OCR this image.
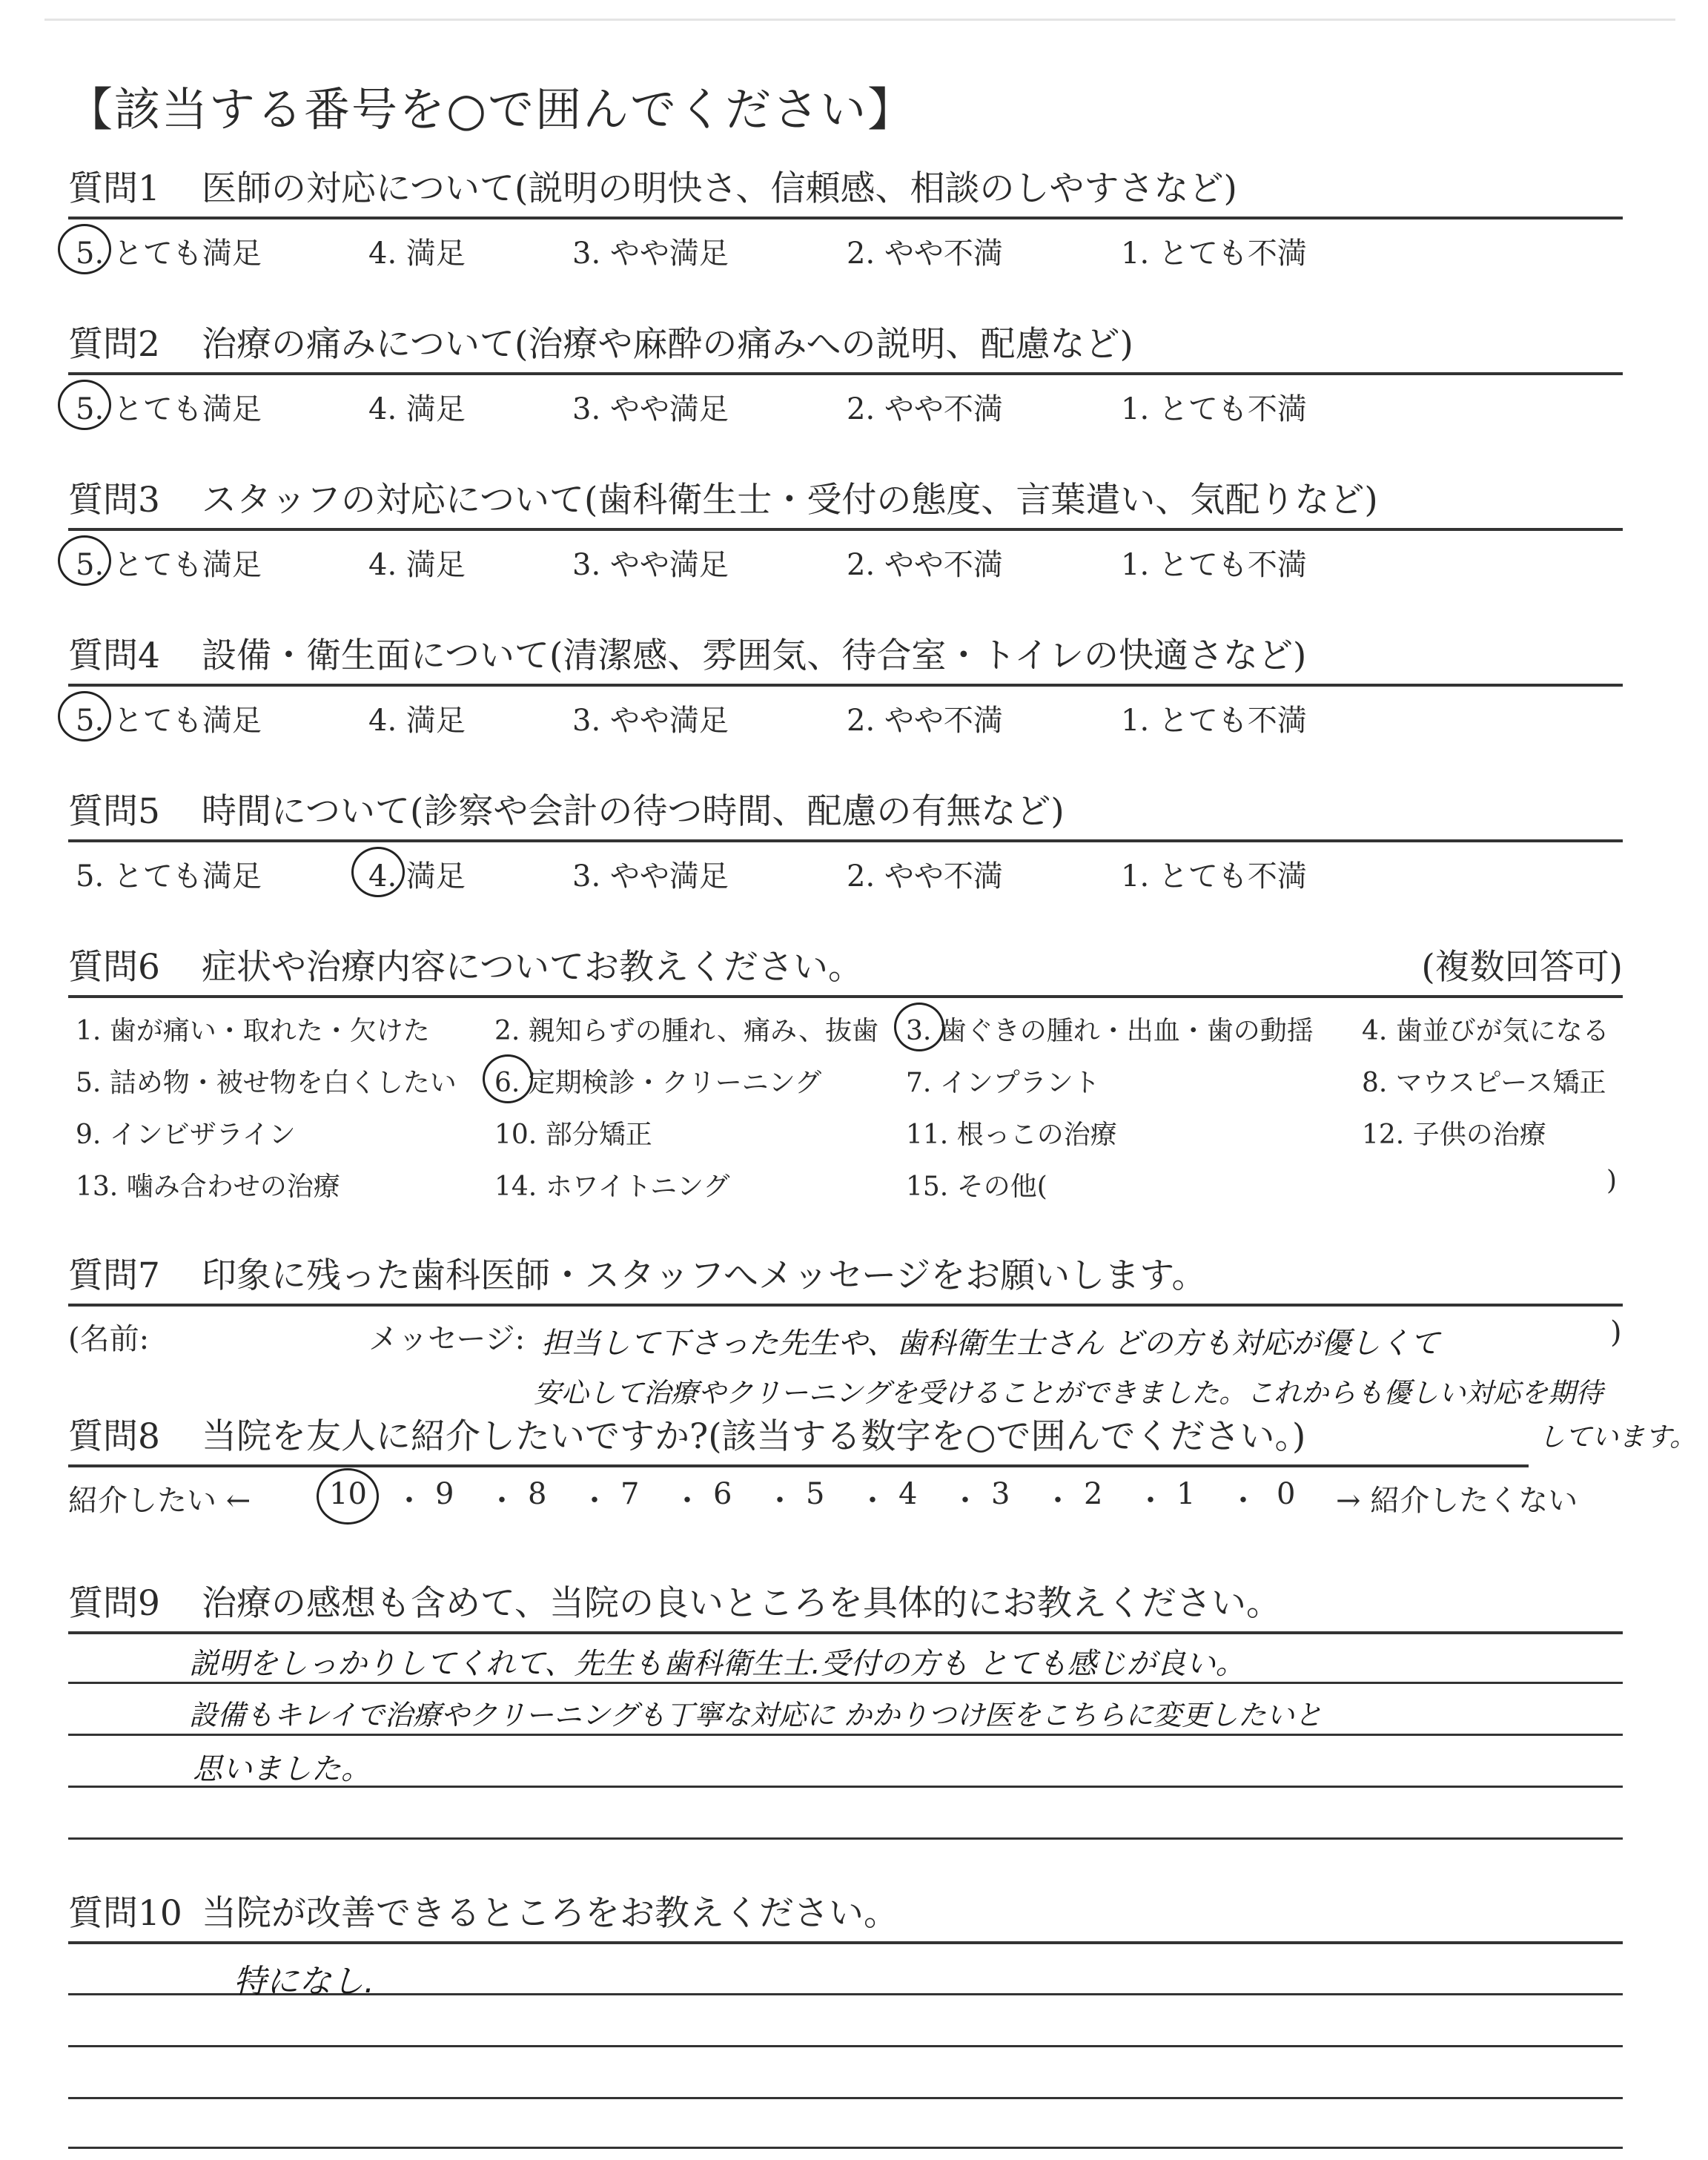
【該当する番号を○で囲んでください】
質問1 医師の対応について(説明の明快さ、信頼感、相談のしやすさなど)
5. とても満足	4. 満足	3. やや満足	2. やや不満	1. とても不満
質問2 治療の痛みについて(治療や麻酔の痛みへの説明、配慮など)
5. とても満足	4. 満足	3. やや満足	2. やや不満	1. とても不満
質問3 スタッフの対応について(歯科衛生士・受付の態度、言葉遣い、気配りなど)
5. とても満足	4. 満足	3. やや満足	2. やや不満	1. とても不満
質問4 設備・衛生面について(清潔感、雰囲気、待合室・トイレの快適さなど)
5. とても満足	4. 満足	3. やや満足	2. やや不満	1. とても不満
質問5 時間について(診察や会計の待つ時間、配慮の有無など)
5. とても満足	4. 満足	3. やや満足	2. やや不満	1. とても不満
質問6 症状や治療内容についてお教えください。	(複数回答可)
1. 歯が痛い・取れた・欠けた 2. 親知らずの腫れ、痛み、抜歯 3. 歯ぐきの腫れ・出血・歯の動揺 4. 歯並びが気になる
5. 詰め物・被せ物を白くしたい 6. 定期検診・クリーニング	7. インプラント	8. マウスピース矯正
9. インビザライン	10. 部分矯正	11. 根っこの治療	12. 子供の治療
13. 噛み合わせの治療	14. ホワイトニング	15. その他(	)
質問7 印象に残った歯科医師・スタッフへメッセージをお願いします。
(名前:	メッセージ:	)
担当して下さった先生や、歯科衛生士さん どの方も対応が優しくて
安心して治療やクリーニングを受けることができました。これからも優しい対応を期待
しています。
質問8 当院を友人に紹介したいですか?(該当する数字を○で囲んでください。)
紹介したい ←	10 ・ 9 ・ 8 ・ 7 ・ 6 ・ 5 ・ 4 ・ 3 ・ 2 ・ 1 ・ 0 → 紹介したくない
質問9 治療の感想も含めて、当院の良いところを具体的にお教えください。
説明をしっかりしてくれて、先生も歯科衛生士.受付の方も とても感じが良い。
設備もキレイで治療やクリーニングも丁寧な対応に かかりつけ医をこちらに変更したいと
思いました。
質問10 当院が改善できるところをお教えください。
特になし.
